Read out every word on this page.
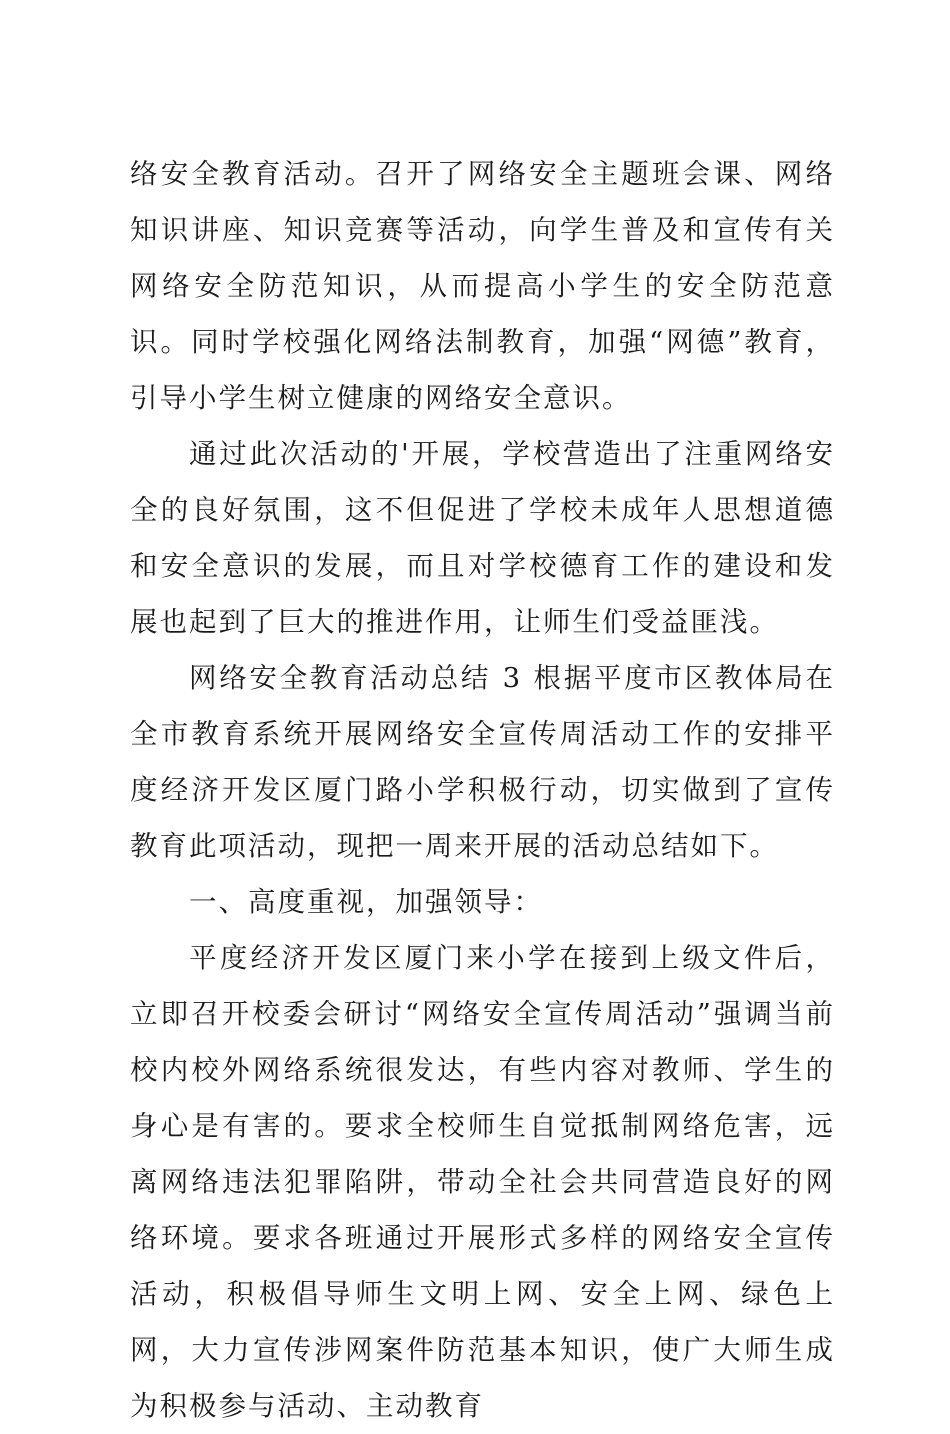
络安全教育活动。召开了网络安全主题班会课、网络知识讲座、知识竞赛等活动，向学生普及和宣传有关网络安全防范知识，从而提高小学生的安全防范意识。同时学校强化网络法制教育，加强“网德”教育，引导小学生树立健康的网络安全意识。

通过此次活动的'开展，学校营造出了注重网络安全的良好氛围，这不但促进了学校未成年人思想道德和安全意识的发展，而且对学校德育工作的建设和发展也起到了巨大的推进作用，让师生们受益匪浅。

网络安全教育活动总结 3 根据平度市区教体局在全市教育系统开展网络安全宣传周活动工作的安排平度经济开发区厦门路小学积极行动，切实做到了宣传教育此项活动，现把一周来开展的活动总结如下。

一、高度重视，加强领导：

平度经济开发区厦门来小学在接到上级文件后，立即召开校委会研讨“网络安全宣传周活动”强调当前校内校外网络系统很发达，有些内容对教师、学生的身心是有害的。要求全校师生自觉抵制网络危害，远离网络违法犯罪陷阱，带动全社会共同营造良好的网络环境。要求各班通过开展形式多样的网络安全宣传活动，积极倡导师生文明上网、安全上网、绿色上网，大力宣传涉网案件防范基本知识，使广大师生成为积极参与活动、主动教育
